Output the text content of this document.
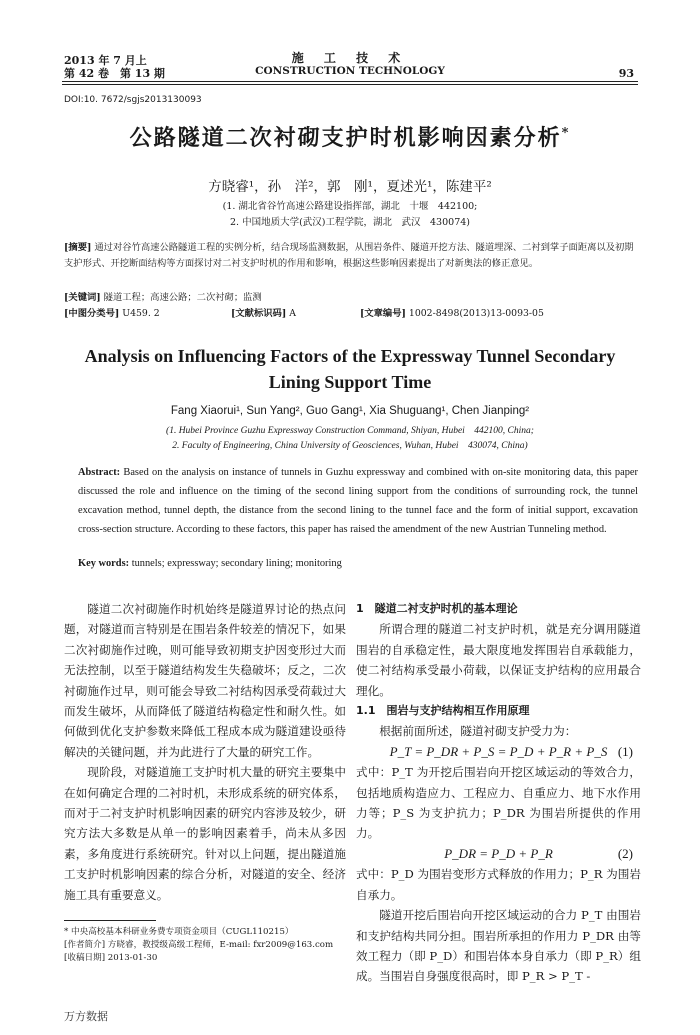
2013 年 7 月上
第 42 卷　第 13 期
施 工 技 术
CONSTRUCTION TECHNOLOGY	93
DOI:10. 7672/sgjs2013130093
公路隧道二次衬砌支护时机影响因素分析*
方晓睿¹，孙　洋²，郭　刚¹，夏述光¹，陈建平²
(1. 湖北省谷竹高速公路建设指挥部，湖北　十堰　442100;
2. 中国地质大学(武汉)工程学院，湖北　武汉　430074)
[摘要] 通过对谷竹高速公路隧道工程的实例分析，结合现场监测数据，从围岩条件、隧道开挖方法、隧道埋深、二衬到掌子面距离以及初期支护形式、开挖断面结构等方面探讨对二衬支护时机的作用和影响，根据这些影响因素提出了对新奥法的修正意见。
[关键词] 隧道工程；高速公路；二次衬砌；监测
[中图分类号] U459. 2	[文献标识码] A	[文章编号] 1002-8498(2013)13-0093-05
Analysis on Influencing Factors of the Expressway Tunnel Secondary Lining Support Time
Fang Xiaorui¹, Sun Yang², Guo Gang¹, Xia Shuguang¹, Chen Jianping²
(1. Hubei Province Guzhu Expressway Construction Command, Shiyan, Hubei　442100, China;
2. Faculty of Engineering, China University of Geosciences, Wuhan, Hubei　430074, China)
Abstract: Based on the analysis on instance of tunnels in Guzhu expressway and combined with on-site monitoring data, this paper discussed the role and influence on the timing of the second lining support from the conditions of surrounding rock, the tunnel excavation method, tunnel depth, the distance from the second lining to the tunnel face and the form of initial support, excavation cross-section structure. According to these factors, this paper has raised the amendment of the new Austrian Tunneling method.
Key words: tunnels; expressway; secondary lining; monitoring

隧道二次衬砌施作时机始终是隧道界讨论的热点问题，对隧道而言特别是在围岩条件较差的情况下，如果二次衬砌施作过晚，则可能导致初期支护因变形过大而无法控制，以至于隧道结构发生失稳破坏；反之，二次衬砌施作过早，则可能会导致二衬结构因承受荷载过大而发生破坏，从而降低了隧道结构稳定性和耐久性。如何做到优化支护参数来降低工程成本成为隧道建设亟待解决的关键问题，并为此进行了大量的研究工作。

现阶段，对隧道施工支护时机大量的研究主要集中在如何确定合理的二衬时机，未形成系统的研究体系，而对于二衬支护时机影响因素的研究内容涉及较少，研究方法大多数是从单一的影响因素着手，尚未从多因素，多角度进行系统研究。针对以上问题，提出隧道施工支护时机影响因素的综合分析，对隧道的安全、经济施工具有重要意义。

1　隧道二衬支护时机的基本理论

所谓合理的隧道二衬支护时机，就是充分调用隧道围岩的自承稳定性，最大限度地发挥围岩自承载能力，使二衬结构承受最小荷载，以保证支护结构的应用最合理化。

1.1　围岩与支护结构相互作用原理

根据前面所述，隧道衬砌支护受力为：

P_T = P_DR + P_S = P_D + P_R + P_S (1)

式中：P_T 为开挖后围岩向开挖区域运动的等效合力，包括地质构造应力、工程应力、自重应力、地下水作用力等；P_S 为支护抗力；P_DR 为围岩所提供的作用力。

P_DR = P_D + P_R	(2)

式中：P_D 为围岩变形方式释放的作用力；P_R 为围岩自承力。

隧道开挖后围岩向开挖区域运动的合力 P_T 由围岩和支护结构共同分担。围岩所承担的作用力 P_DR 由等效工程力（即 P_D）和围岩体本身自承力（即 P_R）组成。当围岩自身强度很高时，即 P_R > P_T -

* 中央高校基本科研业务费专项资金项目（CUGL110215）
[作者简介] 方晓睿，教授级高级工程师，E-mail: fxr2009@163.com
[收稿日期] 2013-01-30
万方数据
